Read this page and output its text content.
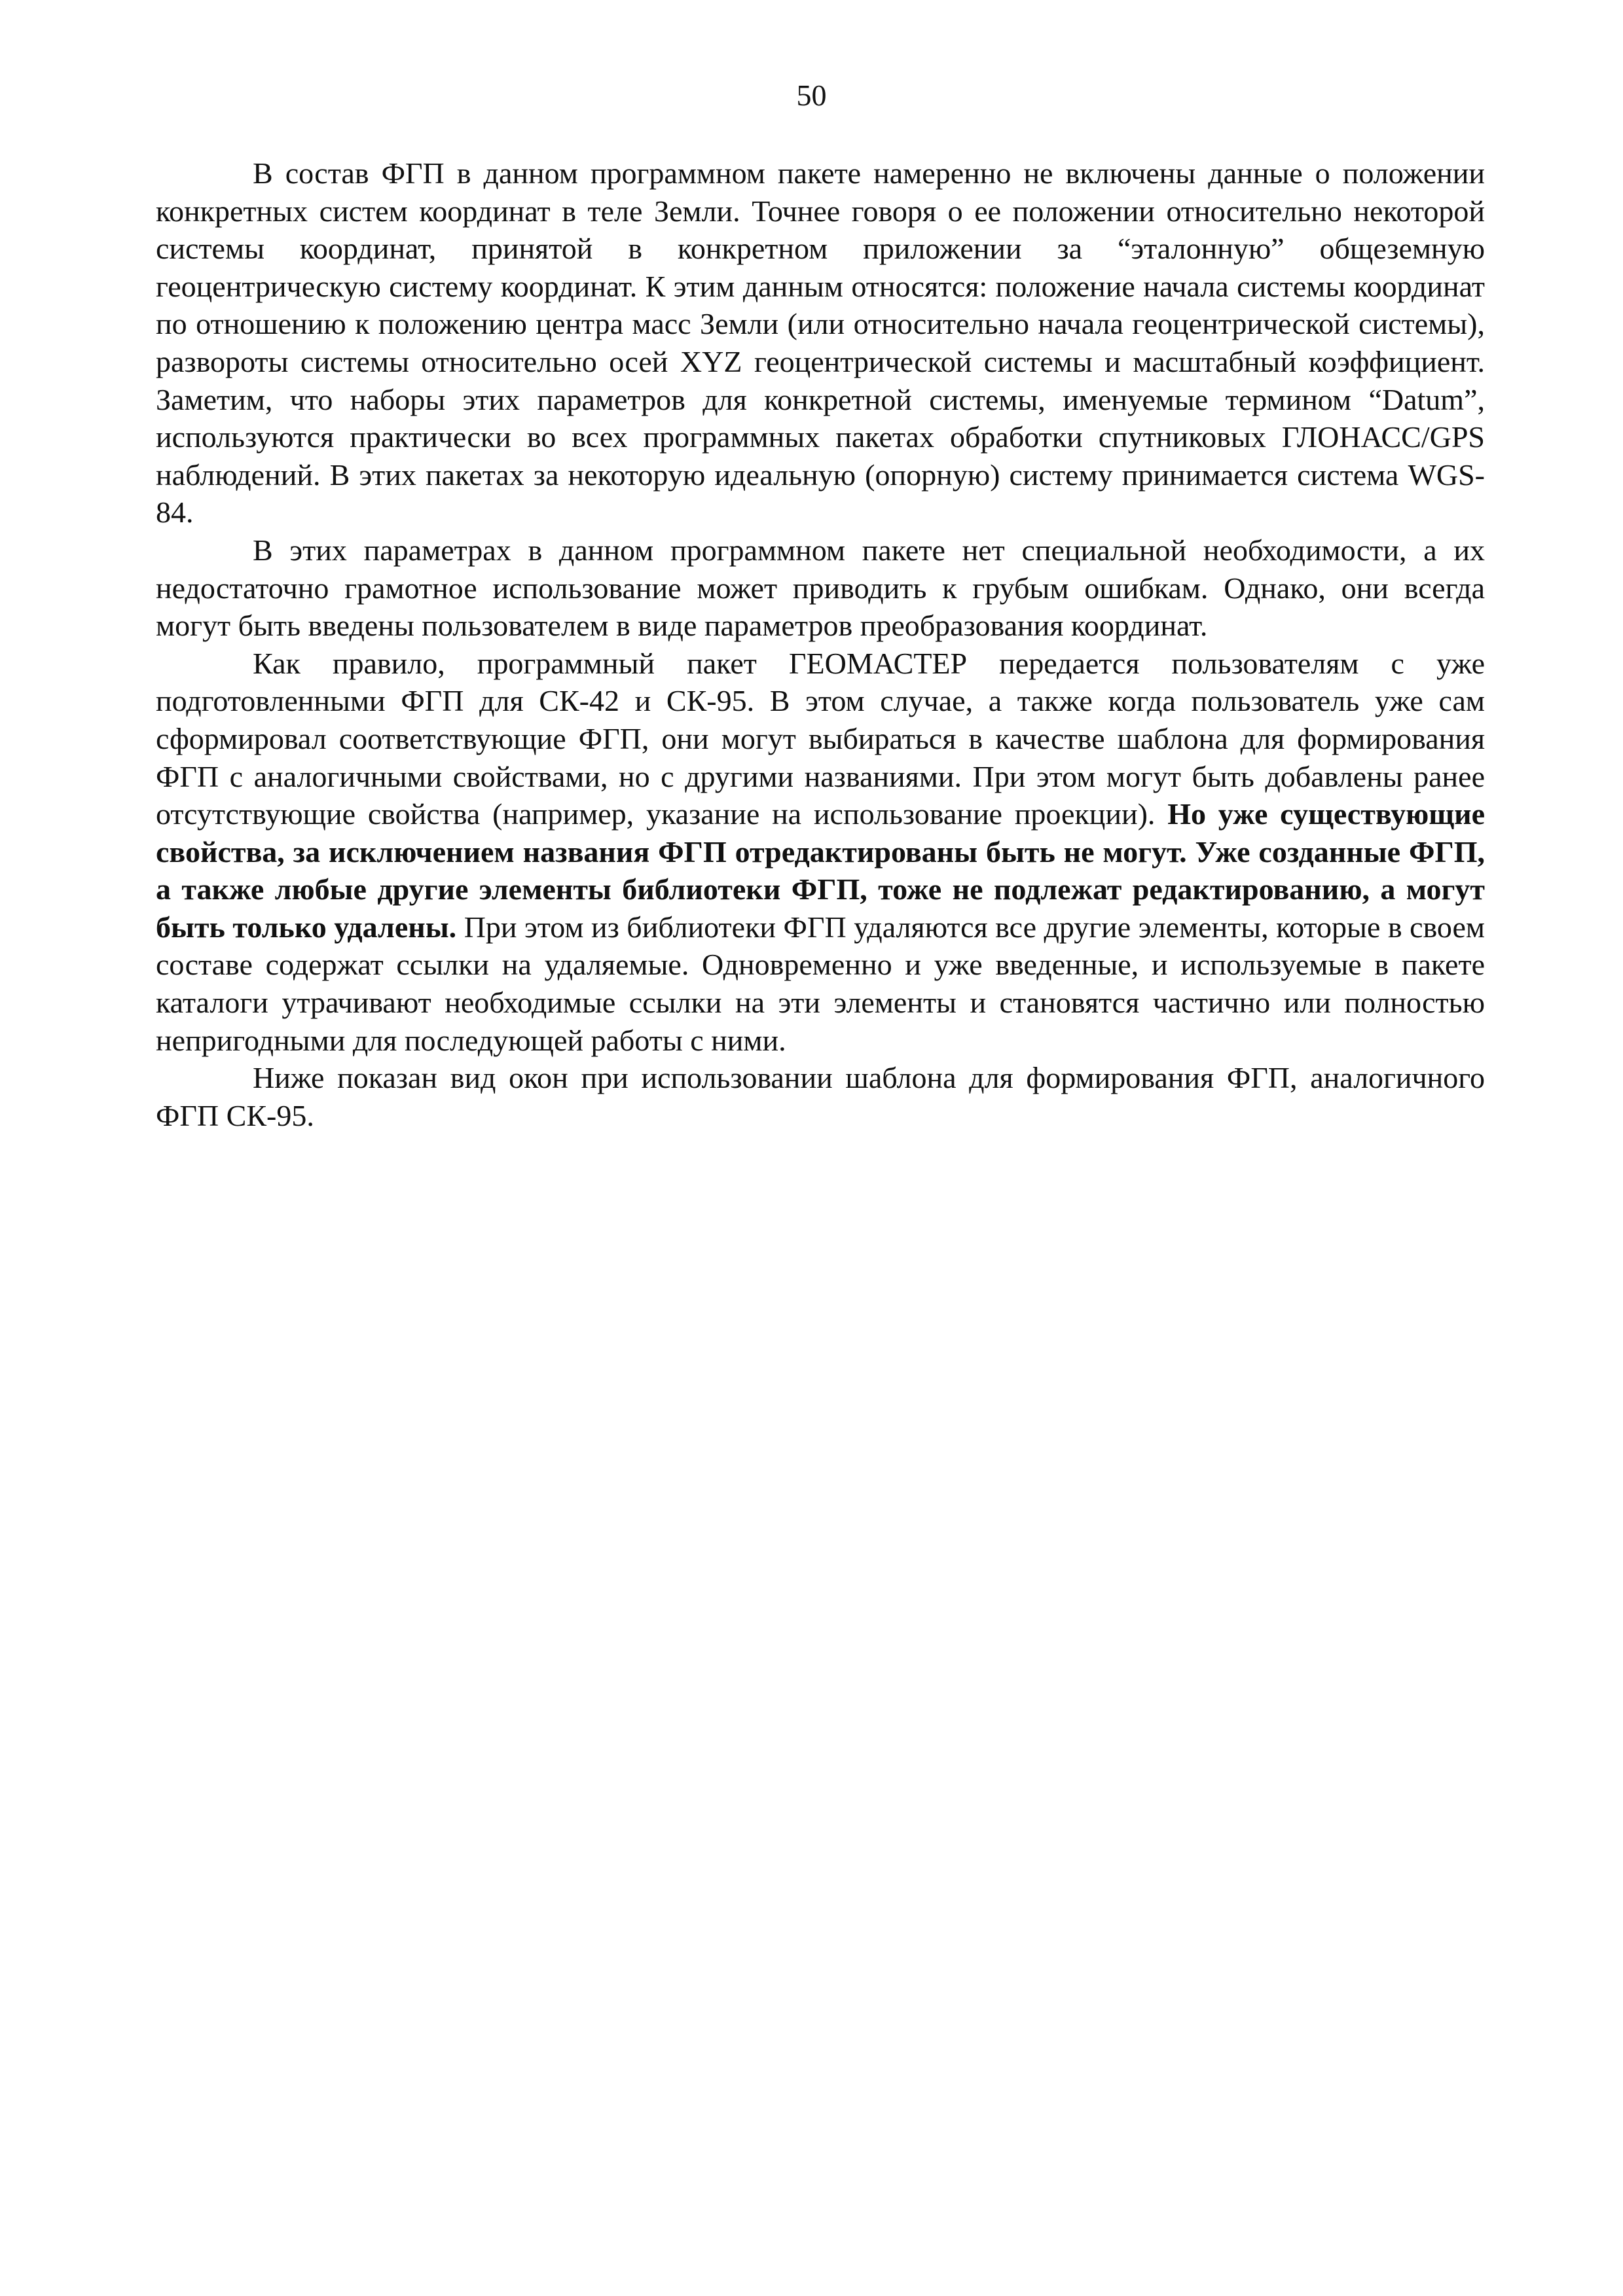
50

В состав ФГП в данном программном пакете намеренно не включены данные о положении конкретных систем координат в теле Земли. Точнее говоря о ее положении относительно некоторой системы координат, принятой в конкретном приложении за “эталонную” общеземную геоцентрическую систему координат. К этим данным относятся: положение начала системы координат по отношению к положению центра масс Земли (или относительно начала геоцентрической системы), развороты системы относительно осей XYZ геоцентрической системы и масштабный коэффициент. Заметим, что наборы этих параметров для конкретной системы, именуемые термином “Datum”, используются практически во всех программных пакетах обработки спутниковых ГЛОНАСС/GPS наблюдений. В этих пакетах за некоторую идеальную (опорную) систему принимается система WGS-84.

В этих параметрах в данном программном пакете нет специальной необходимости, а их недостаточно грамотное использование может приводить к грубым ошибкам. Однако, они всегда могут быть введены пользователем в виде параметров преобразования координат.

Как правило, программный пакет ГЕОМАСТЕР передается пользователям с уже подготовленными ФГП для СК-42 и СК-95. В этом случае, а также когда пользователь уже сам сформировал соответствующие ФГП, они могут выбираться в качестве шаблона для формирования ФГП с аналогичными свойствами, но с другими названиями. При этом могут быть добавлены ранее отсутствующие свойства (например, указание на использование проекции). Но уже существующие свойства, за исключением названия ФГП отредактированы быть не могут. Уже созданные ФГП, а также любые другие элементы библиотеки ФГП, тоже не подлежат редактированию, а могут быть только удалены. При этом из библиотеки ФГП удаляются все другие элементы, которые в своем составе содержат ссылки на удаляемые. Одновременно и уже введенные, и используемые в пакете каталоги утрачивают необходимые ссылки на эти элементы и становятся частично или полностью непригодными для последующей работы с ними.

Ниже показан вид окон при использовании шаблона для формирования ФГП, аналогичного ФГП СК-95.
